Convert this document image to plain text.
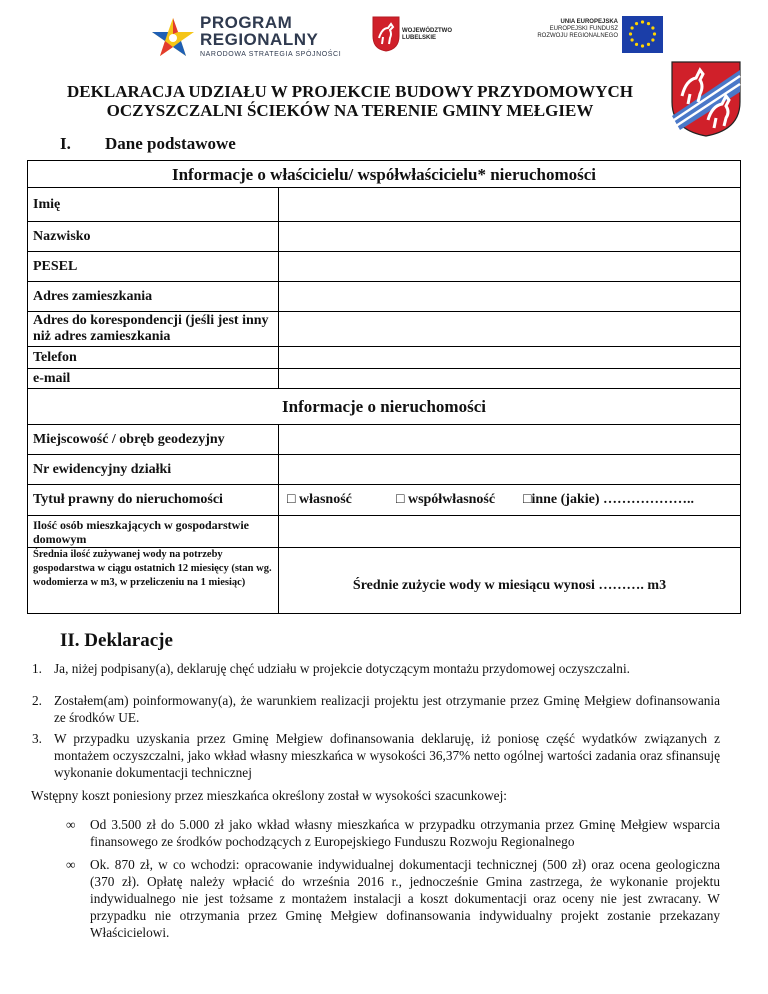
PROGRAM
REGIONALNY
NARODOWA STRATEGIA SPÓJNOŚCI
WOJEWÓDZTWO
LUBELSKIE
UNIA EUROPEJSKA
EUROPEJSKI FUNDUSZ
ROZWOJU REGIONALNEGO
DEKLARACJA UDZIAŁU W PROJEKCIE BUDOWY PRZYDOMOWYCH
OCZYSZCZALNI ŚCIEKÓW NA TERENIE GMINY MEŁGIEW
I. Dane podstawowe
Informacje o właścicielu/ współwłaścicielu* nieruchomości
Imię
Nazwisko
PESEL
Adres zamieszkania
Adres do korespondencji (jeśli jest inny niż adres zamieszkania
Telefon
e-mail
Informacje o nieruchomości
Miejscowość / obręb geodezyjny
Nr ewidencyjny działki
Tytuł prawny do nieruchomości	□ własność	□ współwłasność □inne (jakie) ………………..
Ilość osób mieszkających w gospodarstwie domowym
Średnia ilość zużywanej wody na potrzeby gospodarstwa w ciągu ostatnich 12 miesięcy (stan wg. wodomierza w m3, w przeliczeniu na 1 miesiąc)	Średnie zużycie wody w miesiącu wynosi ………. m3
II. Deklaracje
1. Ja, niżej podpisany(a), deklaruję chęć udziału w projekcie dotyczącym montażu przydomowej oczyszczalni.
2. Zostałem(am) poinformowany(a), że warunkiem realizacji projektu jest otrzymanie przez Gminę Mełgiew dofinansowania ze środków UE.
3. W przypadku uzyskania przez Gminę Mełgiew dofinansowania deklaruję, iż poniosę część wydatków związanych z montażem oczyszczalni, jako wkład własny mieszkańca w wysokości 36,37% netto ogólnej wartości zadania oraz sfinansuję wykonanie dokumentacji technicznej
Wstępny koszt poniesiony przez mieszkańca określony został w wysokości szacunkowej:
∞ Od 3.500 zł do 5.000 zł jako wkład własny mieszkańca w przypadku otrzymania przez Gminę Mełgiew wsparcia finansowego ze środków pochodzących z Europejskiego Funduszu Rozwoju Regionalnego
∞ Ok. 870 zł, w co wchodzi: opracowanie indywidualnej dokumentacji technicznej (500 zł) oraz ocena geologiczna (370 zł). Opłatę należy wpłacić do września 2016 r., jednocześnie Gmina zastrzega, że wykonanie projektu indywidualnego nie jest tożsame z montażem instalacji a koszt dokumentacji oraz oceny nie jest zwracany. W przypadku nie otrzymania przez Gminę Mełgiew dofinansowania indywidualny projekt zostanie przekazany Właścicielowi.
